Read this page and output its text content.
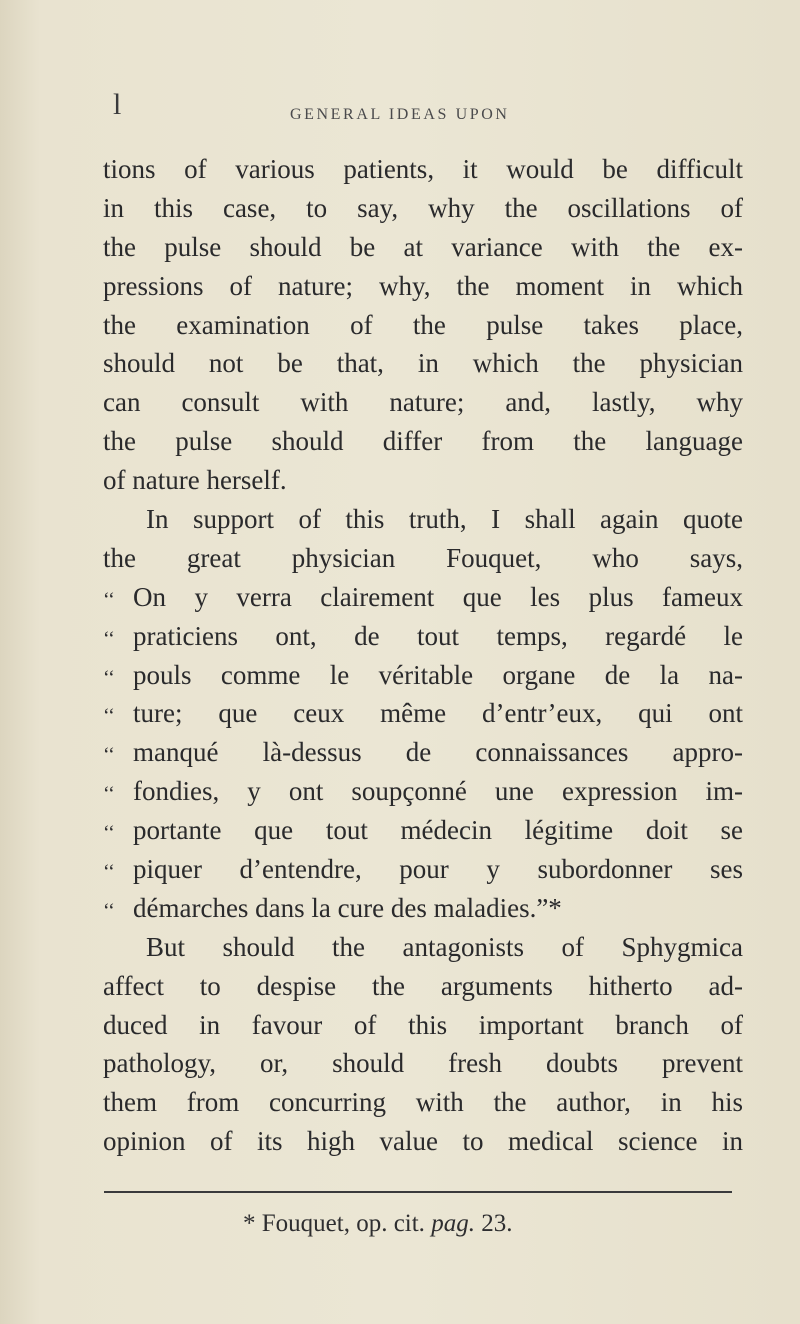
l	GENERAL IDEAS UPON
tions of various patients, it would be difficult
in this case, to say, why the oscillations of
the pulse should be at variance with the ex-
pressions of nature; why, the moment in which
the examination of the pulse takes place,
should not be that, in which the physician
can consult with nature; and, lastly, why
the pulse should differ from the language
of nature herself.
In support of this truth, I shall again quote
the great physician Fouquet, who says,
‘‘ On y verra clairement que les plus fameux
‘‘ praticiens ont, de tout temps, regardé le
‘‘ pouls comme le véritable organe de la na-
‘‘ ture; que ceux même d’entr’eux, qui ont
‘‘ manqué là-dessus de connaissances appro-
‘‘ fondies, y ont soupçonné une expression im-
‘‘ portante que tout médecin légitime doit se
‘‘ piquer d’entendre, pour y subordonner ses
‘‘ démarches dans la cure des maladies.”*
But should the antagonists of Sphygmica
affect to despise the arguments hitherto ad-
duced in favour of this important branch of
pathology, or, should fresh doubts prevent
them from concurring with the author, in his
opinion of its high value to medical science in
* Fouquet, op. cit. pag. 23.
